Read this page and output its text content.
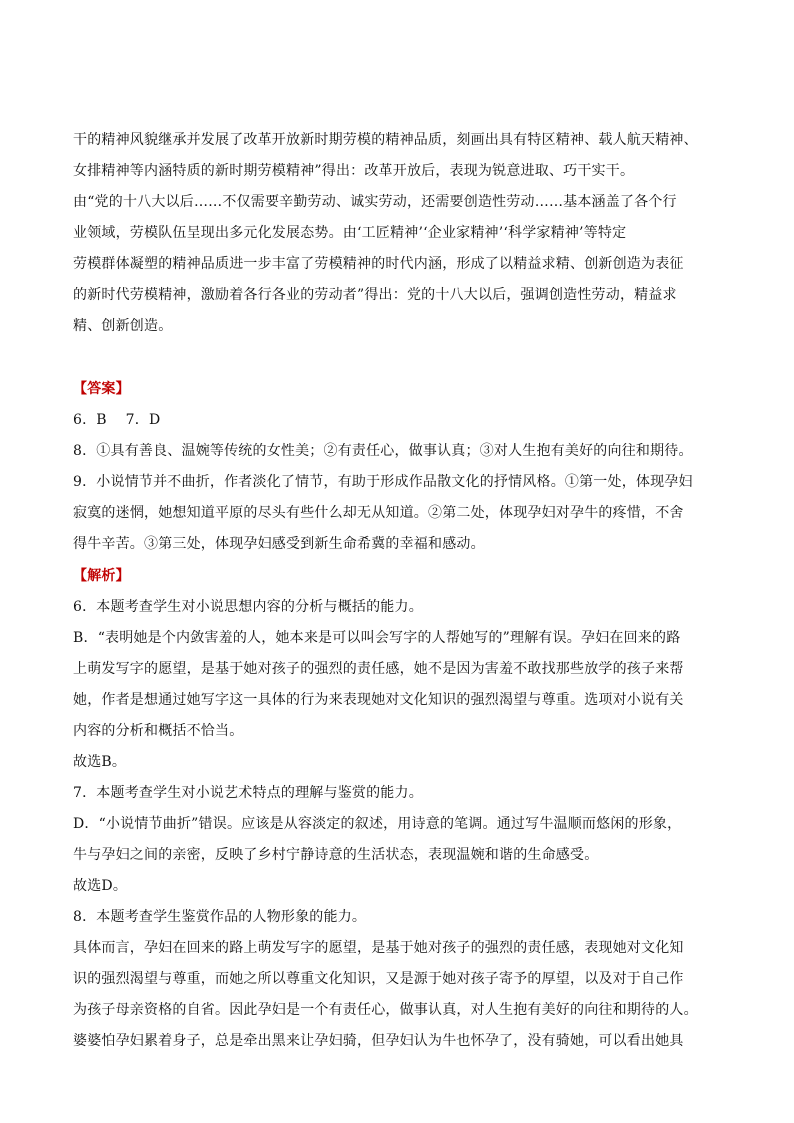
干的精神风貌继承并发展了改革开放新时期劳模的精神品质，刻画出具有特区精神、载人航天精神、
女排精神等内涵特质的新时期劳模精神”得出：改革开放后，表现为锐意进取、巧干实干。
由“党的十八大以后……不仅需要辛勤劳动、诚实劳动，还需要创造性劳动……基本涵盖了各个行
业领域，劳模队伍呈现出多元化发展态势。由‘工匠精神’‘企业家精神’‘科学家精神’等特定
劳模群体凝塑的精神品质进一步丰富了劳模精神的时代内涵，形成了以精益求精、创新创造为表征
的新时代劳模精神，激励着各行各业的劳动者”得出：党的十八大以后，强调创造性劳动，精益求
精、创新创造。
【答案】
6．B　 7．D
8．①具有善良、温婉等传统的女性美；②有责任心，做事认真；③对人生抱有美好的向往和期待。
9．小说情节并不曲折，作者淡化了情节，有助于形成作品散文化的抒情风格。①第一处，体现孕妇
寂寞的迷惘，她想知道平原的尽头有些什么却无从知道。②第二处，体现孕妇对孕牛的疼惜，不舍
得牛辛苦。③第三处，体现孕妇感受到新生命希冀的幸福和感动。
【解析】
6．本题考查学生对小说思想内容的分析与概括的能力。
B．“表明她是个内敛害羞的人，她本来是可以叫会写字的人帮她写的”理解有误。孕妇在回来的路
上萌发写字的愿望，是基于她对孩子的强烈的责任感，她不是因为害羞不敢找那些放学的孩子来帮
她，作者是想通过她写字这一具体的行为来表现她对文化知识的强烈渴望与尊重。选项对小说有关
内容的分析和概括不恰当。
故选B。
7．本题考查学生对小说艺术特点的理解与鉴赏的能力。
D．“小说情节曲折”错误。应该是从容淡定的叙述，用诗意的笔调。通过写牛温顺而悠闲的形象，
牛与孕妇之间的亲密，反映了乡村宁静诗意的生活状态，表现温婉和谐的生命感受。
故选D。
8．本题考查学生鉴赏作品的人物形象的能力。
具体而言，孕妇在回来的路上萌发写字的愿望，是基于她对孩子的强烈的责任感，表现她对文化知
识的强烈渴望与尊重，而她之所以尊重文化知识，又是源于她对孩子寄予的厚望，以及对于自己作
为孩子母亲资格的自省。因此孕妇是一个有责任心，做事认真，对人生抱有美好的向往和期待的人。
婆婆怕孕妇累着身子，总是牵出黑来让孕妇骑，但孕妇认为牛也怀孕了，没有骑她，可以看出她具
